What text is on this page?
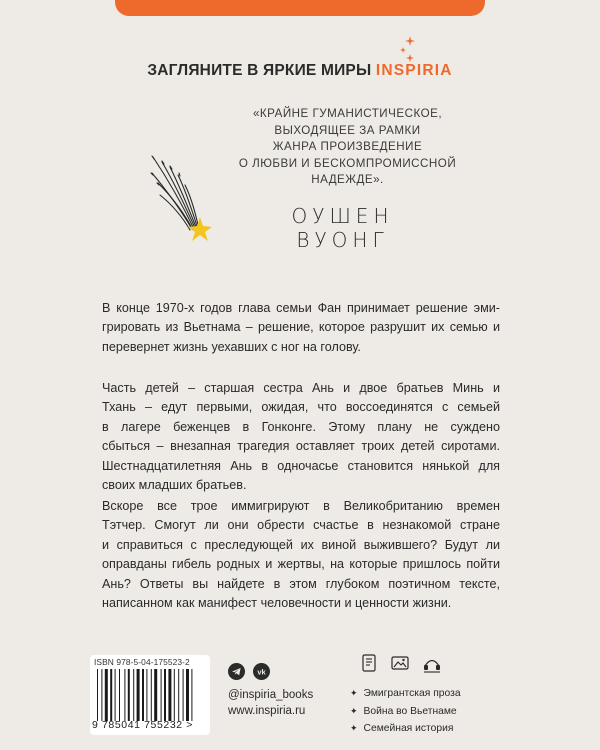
ЗАГЛЯНИТЕ В ЯРКИЕ МИРЫ INSPIRIA
«КРАЙНЕ ГУМАНИСТИЧЕСКОЕ,
ВЫХОДЯЩЕЕ ЗА РАМКИ
ЖАНРА ПРОИЗВЕДЕНИЕ
О ЛЮБВИ И БЕСКОМПРОМИССНОЙ
НАДЕЖДЕ».
ОУШЕН ВУОНГ
В конце 1970-х годов глава семьи Фан принимает решение эми-
грировать из Вьетнама – решение, которое разрушит их семью и
перевернет жизнь уехавших с ног на голову.
Часть детей – старшая сестра Ань и двое братьев Минь и
Тхань – едут первыми, ожидая, что воссоединятся с семьей
в лагере беженцев в Гонконге. Этому плану не суждено
сбыться – внезапная трагедия оставляет троих детей сиротами.
Шестнадцатилетняя Ань в одночасье становится нянькой для
своих младших братьев.
Вскоре все трое иммигрируют в Великобританию времен
Тэтчер. Смогут ли они обрести счастье в незнакомой стране
и справиться с преследующей их виной выжившего? Будут ли
оправданы гибель родных и жертвы, на которые пришлось пойти
Ань? Ответы вы найдете в этом глубоком поэтичном тексте,
написанном как манифест человечности и ценности жизни.
ISBN 978-5-04-175523-2
9 785041 755232 >

vk
@inspiria_books
www.inspiria.ru

✦ Эмигрантская проза
✦ Война во Вьетнаме
✦ Семейная история
